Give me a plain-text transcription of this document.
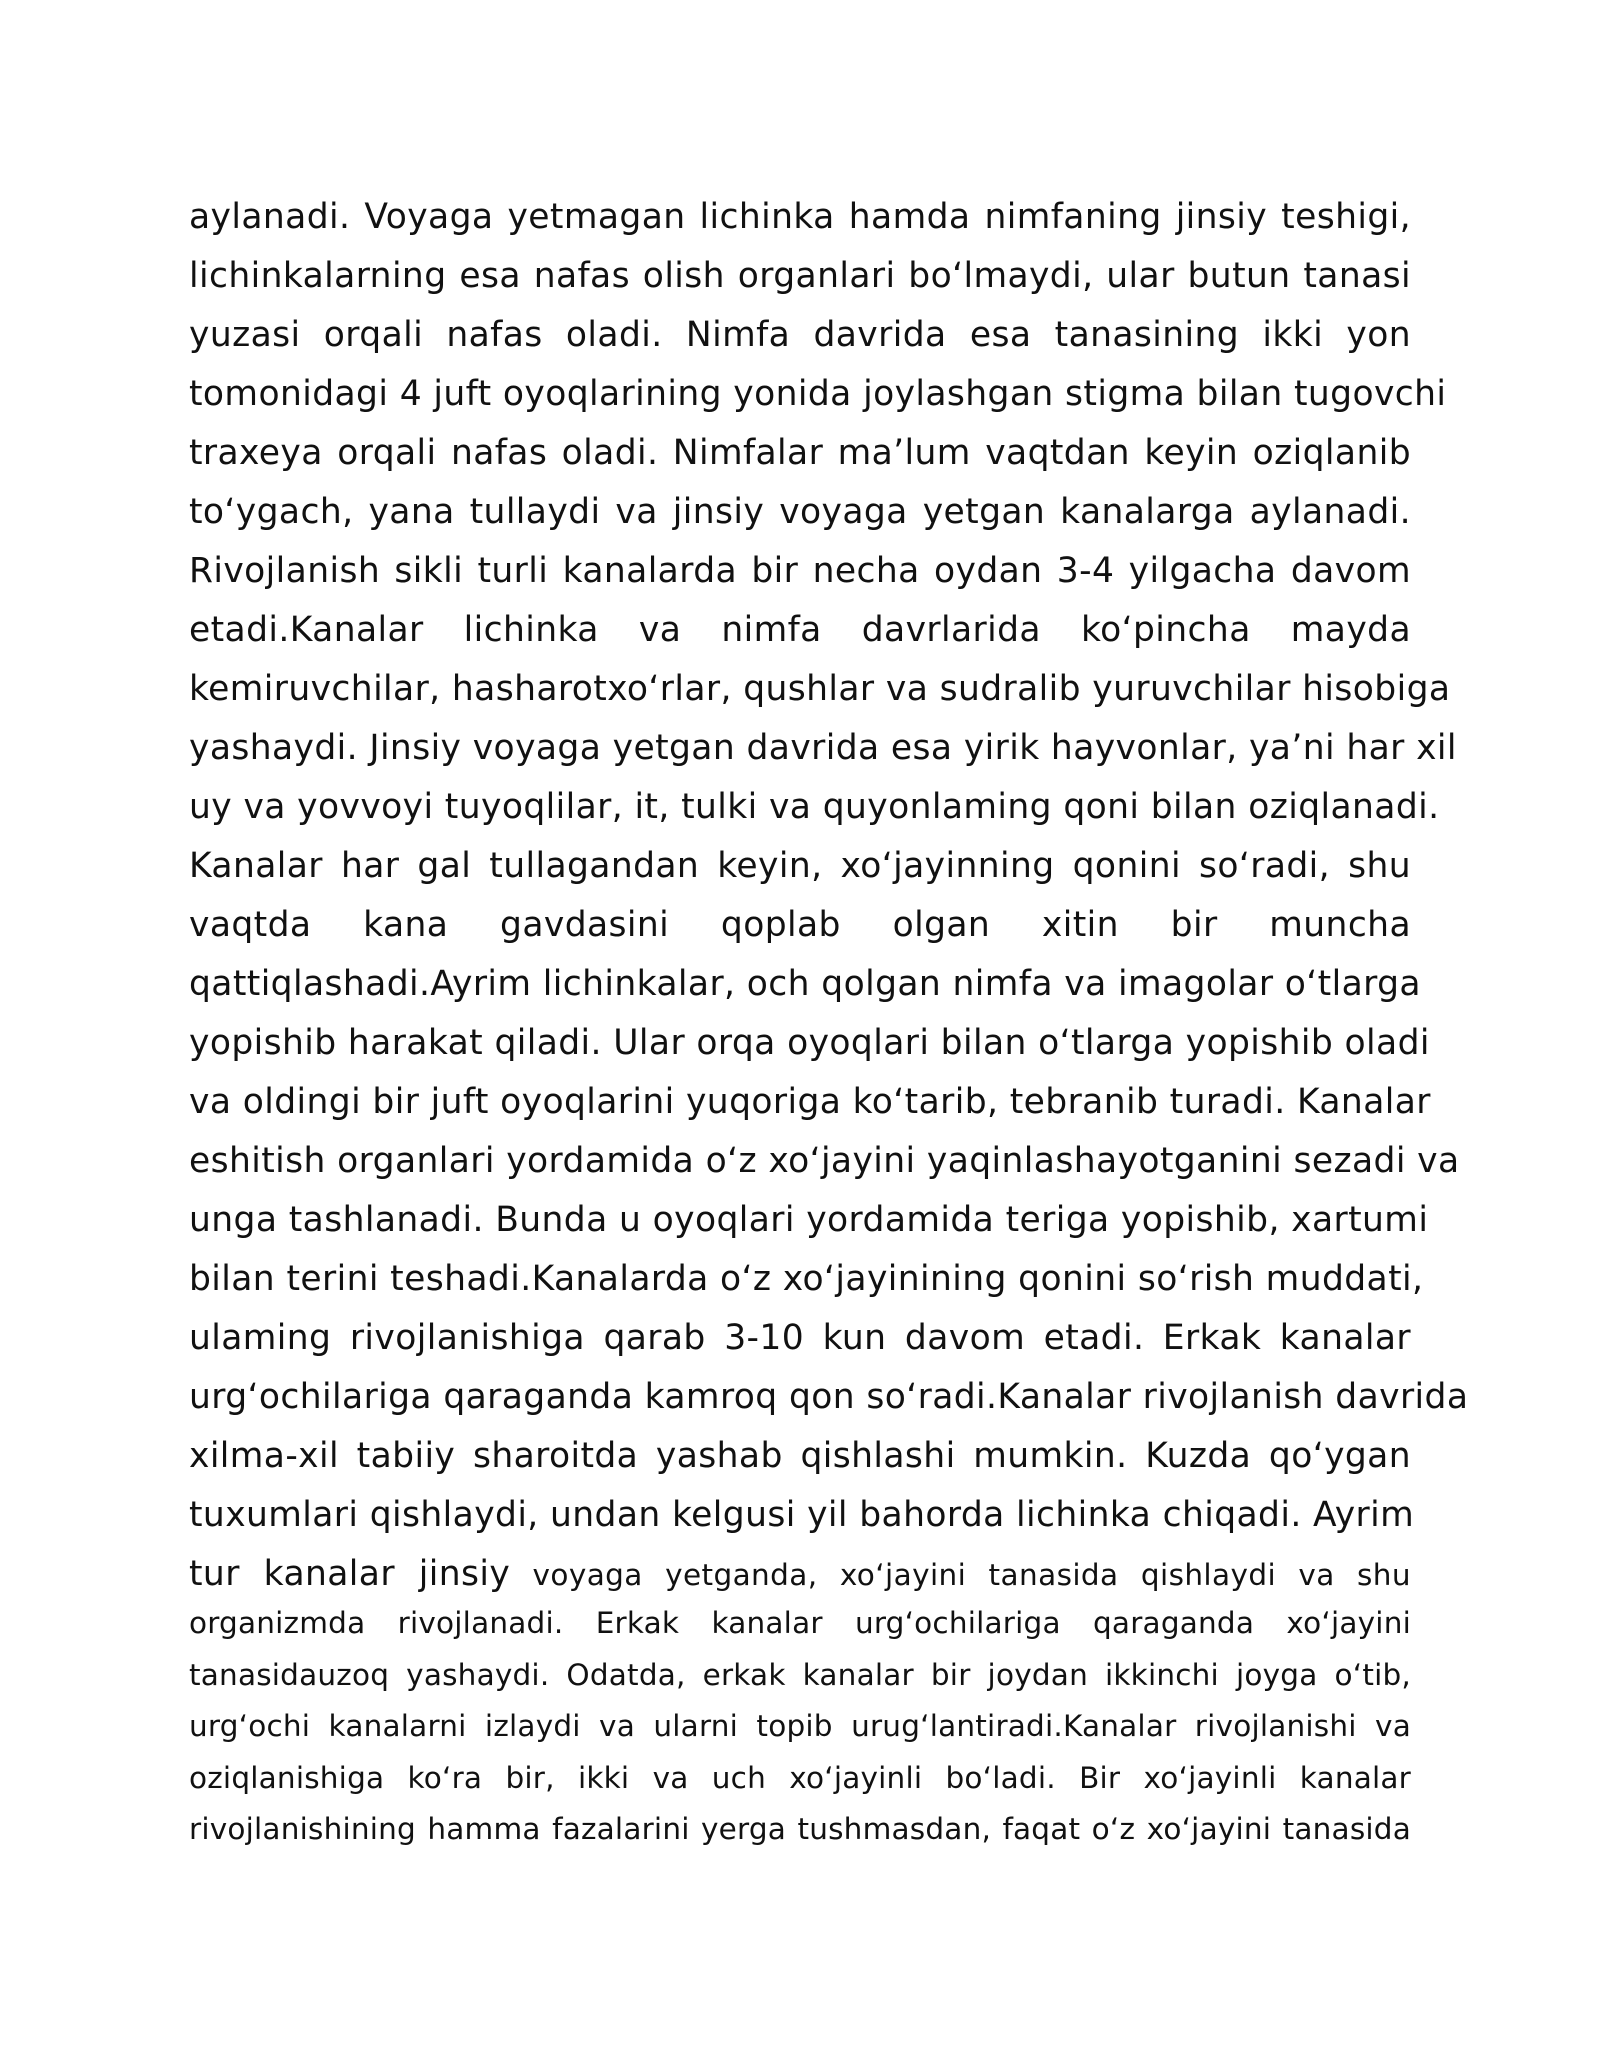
aylanadi. Voyaga yetmagan lichinka hamda nimfaning jinsiy teshigi,
lichinkalarning esa nafas olish organlari boʻlmaydi, ular butun tanasi
yuzasi orqali nafas oladi. Nimfa davrida esa tanasining ikki yon
tomonidagi 4 juft oyoqlarining yonida joylashgan stigma bilan tugovchi
traxeya orqali nafas oladi. Nimfalar ma’lum vaqtdan keyin oziqlanib
toʻygach, yana tullaydi va jinsiy voyaga yetgan kanalarga aylanadi.
Rivojlanish sikli turli kanalarda bir necha oydan 3-4 yilgacha davom
etadi.Kanalar lichinka va nimfa davrlarida koʻpincha mayda
kemiruvchilar, hasharotxoʻrlar, qushlar va sudralib yuruvchilar hisobiga
yashaydi. Jinsiy voyaga yetgan davrida esa yirik hayvonlar, ya’ni har xil
uy va yovvoyi tuyoqlilar, it, tulki va quyonlaming qoni bilan oziqlanadi.
Kanalar har gal tullagandan keyin, xoʻjayinning qonini soʻradi, shu
vaqtda kana gavdasini qoplab olgan xitin bir muncha
qattiqlashadi.Ayrim lichinkalar, och qolgan nimfa va imagolar oʻtlarga
yopishib harakat qiladi. Ular orqa oyoqlari bilan oʻtlarga yopishib oladi
va oldingi bir juft oyoqlarini yuqoriga koʻtarib, tebranib turadi. Kanalar
eshitish organlari yordamida oʻz xoʻjayini yaqinlashayotganini sezadi va
unga tashlanadi. Bunda u oyoqlari yordamida teriga yopishib, xartumi
bilan terini teshadi.Kanalarda oʻz xoʻjayinining qonini soʻrish muddati,
ulaming rivojlanishiga qarab 3-10 kun davom etadi. Erkak kanalar
urgʻochilariga qaraganda kamroq qon soʻradi.Kanalar rivojlanish davrida
xilma-xil tabiiy sharoitda yashab qishlashi mumkin. Kuzda qoʻygan
tuxumlari qishlaydi, undan kelgusi yil bahorda lichinka chiqadi. Ayrim
tur kanalar jinsiy voyaga yetganda, xoʻjayini tanasida qishlaydi va shu
organizmda rivojlanadi. Erkak kanalar urgʻochilariga qaraganda xoʻjayini
tanasidauzoq yashaydi. Odatda, erkak kanalar bir joydan ikkinchi joyga oʻtib,
urgʻochi kanalarni izlaydi va ularni topib urugʻlantiradi.Kanalar rivojlanishi va
oziqlanishiga koʻra bir, ikki va uch xoʻjayinli boʻladi. Bir xoʻjayinli kanalar
rivojlanishining hamma fazalarini yerga tushmasdan, faqat oʻz xoʻjayini tanasida
